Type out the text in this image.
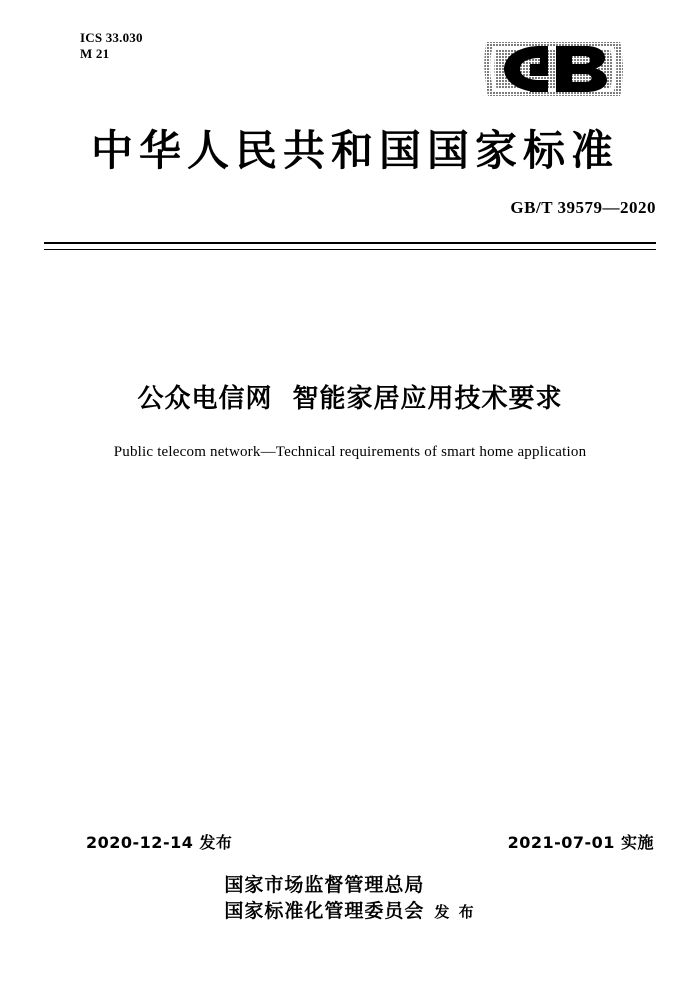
ICS 33.030
M 21
中华人民共和国国家标准
GB/T 39579—2020
公众电信网  智能家居应用技术要求
Public telecom network—Technical requirements of smart home application
2020-12-14 发布	2021-07-01 实施
国家市场监督管理总局
国家标准化管理委员会 发 布
